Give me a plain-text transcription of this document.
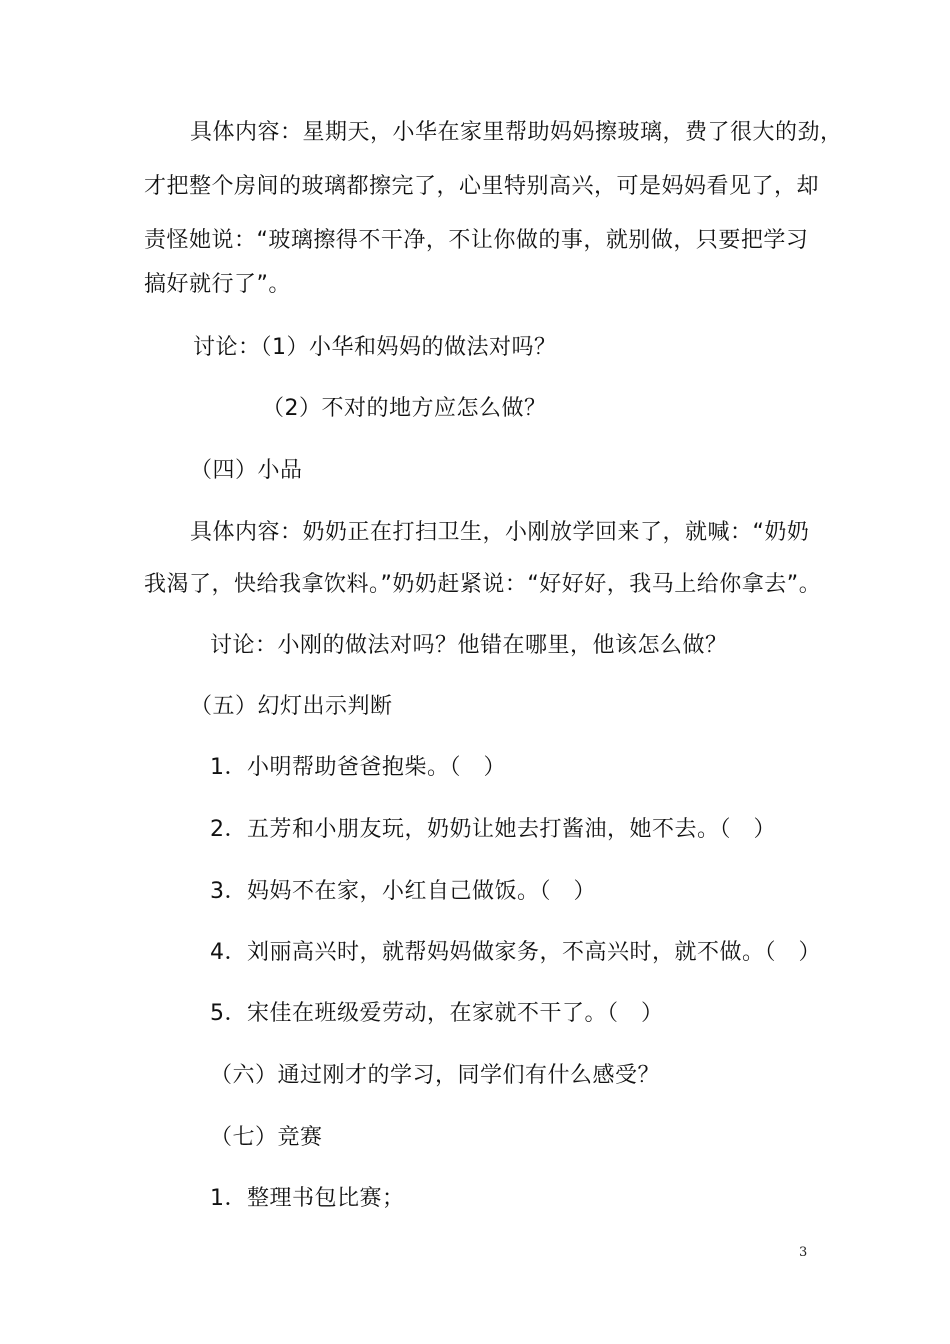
具体内容：星期天，小华在家里帮助妈妈擦玻璃，费了很大的劲，
才把整个房间的玻璃都擦完了，心里特别高兴，可是妈妈看见了，却
责怪她说：“玻璃擦得不干净，不让你做的事，就别做，只要把学习
搞好就行了”。
讨论：（1）小华和妈妈的做法对吗？
（2）不对的地方应怎么做？
（四）小品
具体内容：奶奶正在打扫卫生，小刚放学回来了，就喊：“奶奶
我渴了，快给我拿饮料。”奶奶赶紧说：“好好好，我马上给你拿去”。
讨论：小刚的做法对吗？他错在哪里，他该怎么做？
（五）幻灯出示判断
1．小明帮助爸爸抱柴。（　）
2．五芳和小朋友玩，奶奶让她去打酱油，她不去。（　）
3．妈妈不在家，小红自己做饭。（　）
4．刘丽高兴时，就帮妈妈做家务，不高兴时，就不做。（　）
5．宋佳在班级爱劳动，在家就不干了。（　）
（六）通过刚才的学习，同学们有什么感受？
（七）竞赛
1．整理书包比赛；
3
